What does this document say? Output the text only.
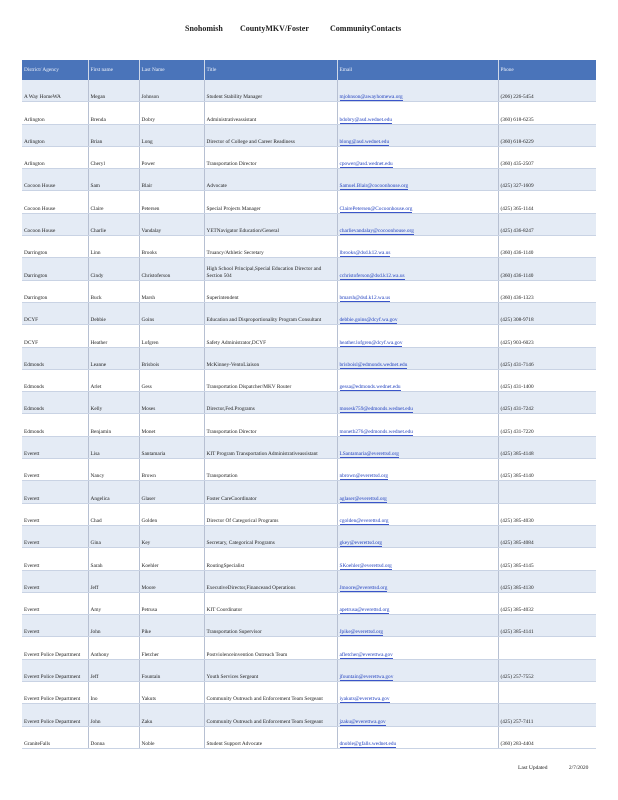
Snohomish CountyMKV/Foster	CommunityContacts
District/ Agency	First name	Last Name	Title	Email	Phone
A Way HomeWA	Megan	Johnson	Student Stability Manager	mjohnson@awayhomewa.org	(206) 226-5454
Arlington	Brenda	Dobry	Administrativeassistant	bdobry@asd.wednet.edu	(360) 618-6235
Arlington	Brian	Long	Director of College and Career Readiness	blong@asd.wednet.edu	(360) 618-6229
Arlington	Cheryl	Power	Transportation Director	cpower@asd.wednet.edu	(360) 435-2507
Cocoon House	Sam	Blair	Advocate	Samuel.Blair@cocoonhouse.org	(425) 327-1609
Cocoon House	Claire	Petersen	Special Projects Manager	ClairePetersen@Cocoonhouse.org	(425) 365-1144
Cocoon House	Charlie	Vandalay	YETNavigator Education/General	charlievandalay@cocoonhouse.org	(425) 436-8247
Darrington	Linn	Brooks	Truancy/Athletic Secretary	lbrooks@dsd.k12.wa.us	(360) 436-1140
Darrington	Cindy	Christoferson	High School Principal,Special Education Director and Section 504	cchristoferson@dsd.k12.wa.us	(360) 436-1140
Darrington	Buck	Marsh	Superintendent	bmarsh@dsd.k12.wa.us	(360) 436-1323
DCYF	Debbie	Goins	Education and Disproportionality Program Consultant	debbie.goins@dcyf.wa.gov	(425) 308-9718
DCYF	Heather	Lofgren	Safety Administrator,DCYF	heather.lofgren@dcyf.wa.gov	(425) 903-6023
Edmonds	Leanne	Brisbois	McKinney-VentoLiaison	brisboisl@edmonds.wednet.edu	(425) 431-7146
Edmonds	Arlet	Gess	Transportation Dispatcher/MKV Router	gessa@edmonds.wednet.edu	(425) 431-1400
Edmonds	Kelly	Moses	Director,Fed.Programs	mosesk759@edmonds.wednet.edu	(425) 431-7242
Edmonds	Benjamin	Monet	Transportation Director	monetb276@edmonds.wednet.edu	(425) 431-7220
Everett	Lisa	Santamaria	KIT Program Transportation Administrativeassistant	LSantamaria@everettsd.org	(425) 385-4148
Everett	Nancy	Brown	Transportation	nbrown@everettsd.org	(425) 385-4140
Everett	Angelica	Glaser	Foster CareCoordinator	aglaser@everettsd.org	
Everett	Chad	Golden	Director Of Categorical Programs	cgolden@everettsd.org	(425) 385-4030
Everett	Gina	Key	Secretary, Categorical Programs	gkey@everettsd.org	(425) 385-4084
Everett	Sarah	Koehler	RoutingSpecialist	SKoehler@everettsd.org	(425) 385-4145
Everett	Jeff	Moore	ExecutiveDirector,Financeand Operations	Jmoore@everettsd.org	(425) 385-4130
Everett	Amy	Petrusa	KIT Coordinator	apetrusa@everettsd.org	(425) 385-4032
Everett	John	Pike	Transportation Supervisor	Jpike@everettsd.org	(425) 385-4141
Everett Police Department	Anthony	Fletcher	Postviolenceinvention Outreach Team	afletcher@everettwa.gov	
Everett Police Department	Jeff	Fountain	Youth Services Sergeant	jfountain@everettwa.gov	(425) 257-7552
Everett Police Department	Ino	Yakuts	Community Outreach and Enforcement Team Sergeant	iyakuts@everettwa.gov	
Everett Police Department	John	Zaku	Community Outreach and Enforcement Team Sergeant	jzaku@everettwa.gov	(425) 257-7411
GraniteFalls	Donna	Noble	Student Support Advocate	dnoble@gfalls.wednet.edu	(360) 283-4404
Last Updated	2/7/2020
